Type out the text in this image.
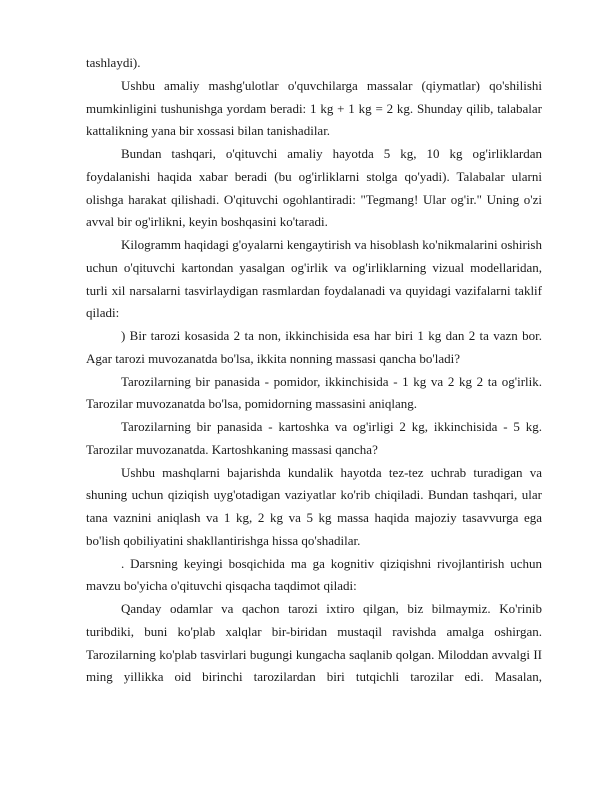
tashlaydi).

Ushbu amaliy mashg'ulotlar o'quvchilarga massalar (qiymatlar) qo'shilishi mumkinligini tushunishga yordam beradi: 1 kg + 1 kg = 2 kg. Shunday qilib, talabalar kattalikning yana bir xossasi bilan tanishadilar.

Bundan tashqari, o'qituvchi amaliy hayotda 5 kg, 10 kg og'irliklardan foydalanishi haqida xabar beradi (bu og'irliklarni stolga qo'yadi). Talabalar ularni olishga harakat qilishadi. O'qituvchi ogohlantiradi: "Tegmang! Ular og'ir." Uning o'zi avval bir og'irlikni, keyin boshqasini ko'taradi.

Kilogramm haqidagi g'oyalarni kengaytirish va hisoblash ko'nikmalarini oshirish uchun o'qituvchi kartondan yasalgan og'irlik va og'irliklarning vizual modellaridan, turli xil narsalarni tasvirlaydigan rasmlardan foydalanadi va quyidagi vazifalarni taklif qiladi:

) Bir tarozi kosasida 2 ta non, ikkinchisida esa har biri 1 kg dan 2 ta vazn bor. Agar tarozi muvozanatda bo'lsa, ikkita nonning massasi qancha bo'ladi?

Tarozilarning bir panasida - pomidor, ikkinchisida - 1 kg va 2 kg 2 ta og'irlik. Tarozilar muvozanatda bo'lsa, pomidorning massasini aniqlang.

Tarozilarning bir panasida - kartoshka va og'irligi 2 kg, ikkinchisida - 5 kg. Tarozilar muvozanatda. Kartoshkaning massasi qancha?

Ushbu mashqlarni bajarishda kundalik hayotda tez-tez uchrab turadigan va shuning uchun qiziqish uyg'otadigan vaziyatlar ko'rib chiqiladi. Bundan tashqari, ular tana vaznini aniqlash va 1 kg, 2 kg va 5 kg massa haqida majoziy tasavvurga ega bo'lish qobiliyatini shakllantirishga hissa qo'shadilar.

. Darsning keyingi bosqichida ma ga kognitiv qiziqishni rivojlantirish uchun mavzu bo'yicha o'qituvchi qisqacha taqdimot qiladi:

Qanday odamlar va qachon tarozi ixtiro qilgan, biz bilmaymiz. Ko'rinib turibdiki, buni ko'plab xalqlar bir-biridan mustaqil ravishda amalga oshirgan. Tarozilarning ko'plab tasvirlari bugungi kungacha saqlanib qolgan. Miloddan avvalgi II ming yillikka oid birinchi tarozilardan biri tutqichli tarozilar edi. Masalan,
